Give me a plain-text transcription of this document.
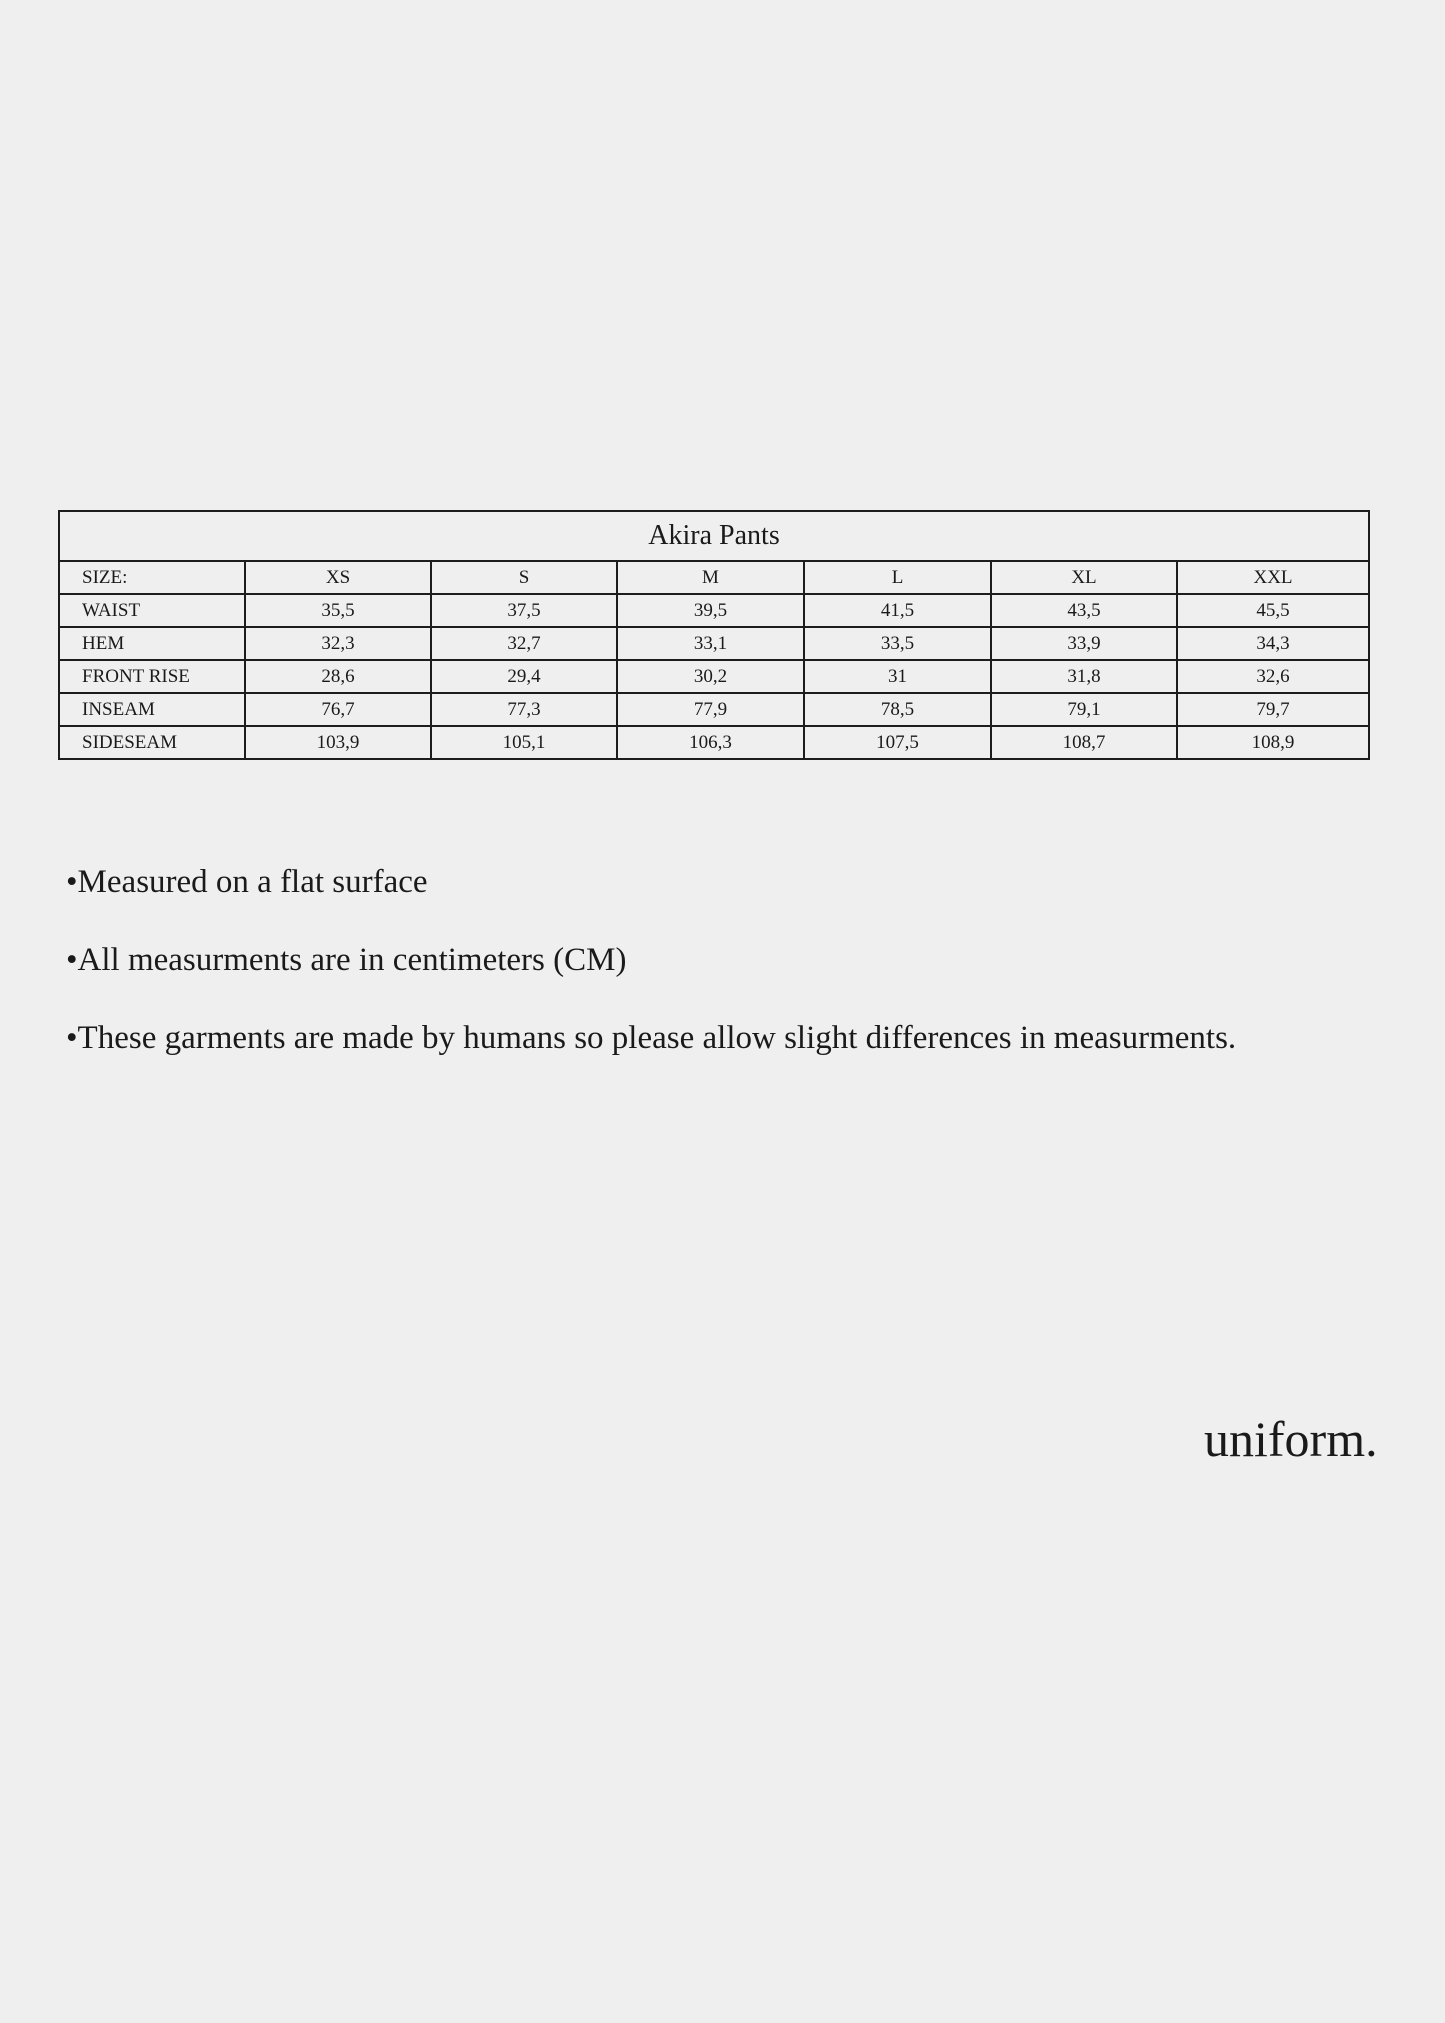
Akira Pants						
SIZE:	XS	S	M	L	XL	XXL
WAIST	35,5	37,5	39,5	41,5	43,5	45,5
HEM	32,3	32,7	33,1	33,5	33,9	34,3
FRONT RISE	28,6	29,4	30,2	31	31,8	32,6
INSEAM	76,7	77,3	77,9	78,5	79,1	79,7
SIDESEAM	103,9	105,1	106,3	107,5	108,7	108,9

•Measured on a flat surface

•All measurments are in centimeters (CM)

•These garments are made by humans so please allow slight differences in measurments.

uniform.
